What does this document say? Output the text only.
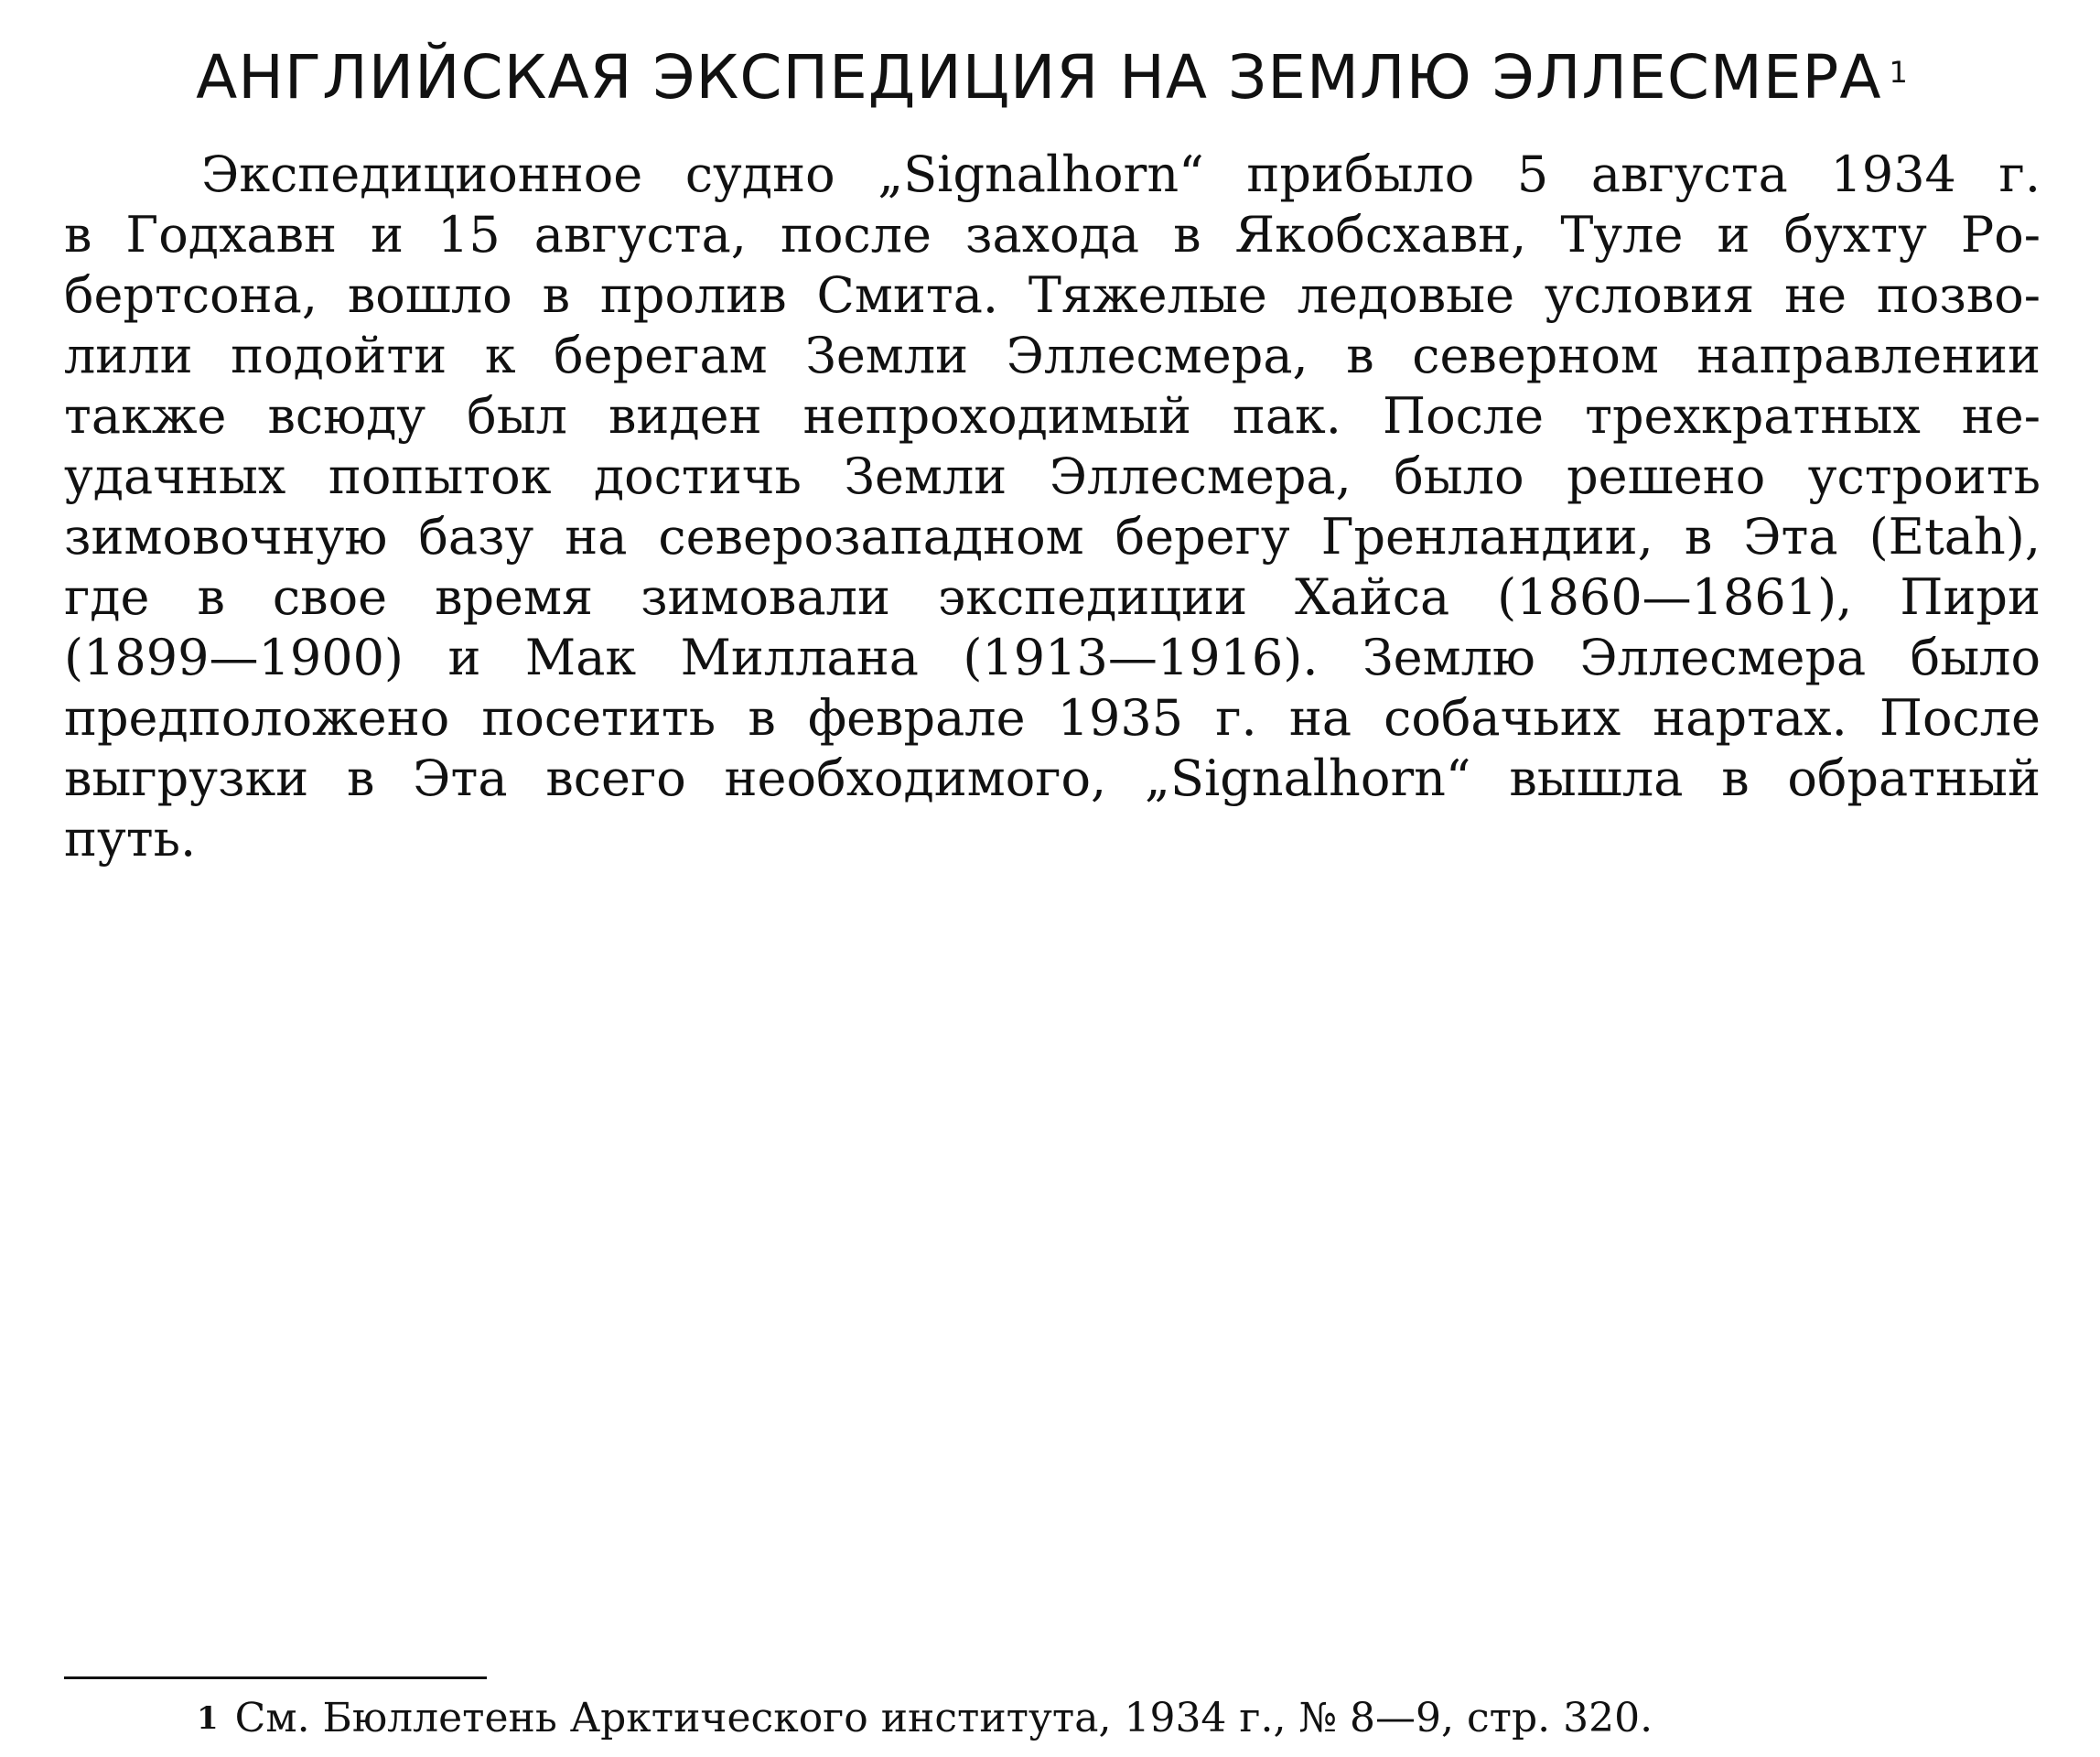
АНГЛИЙСКАЯ ЭКСПЕДИЦИЯ НА ЗЕМЛЮ ЭЛЛЕСМЕРА $^1$
Экспедиционное судно „Signalhorn“ прибыло 5 августа 1934 г.
в Годхавн и 15 августа, после захода в Якобсхавн, Туле и бухту Ро-
бертсона, вошло в пролив Смита. Тяжелые ледовые условия не позво-
лили подойти к берегам Земли Эллесмера, в северном направлении
также всюду был виден непроходимый пак. После трехкратных не-
удачных попыток достичь Земли Эллесмера, было решено устроить
зимовочную базу на северозападном берегу Гренландии, в Эта (Etah),
где в свое время зимовали экспедиции Хайса (1860—1861), Пири
(1899—1900) и Мак Миллана (1913—1916). Землю Эллесмера было
предположено посетить в феврале 1935 г. на собачьих нартах. После
выгрузки в Эта всего необходимого, „Signalhorn“ вышла в обратный
путь.
$^1$ См. Бюллетень Арктического института, 1934 г., № 8—9, стр. 320.
